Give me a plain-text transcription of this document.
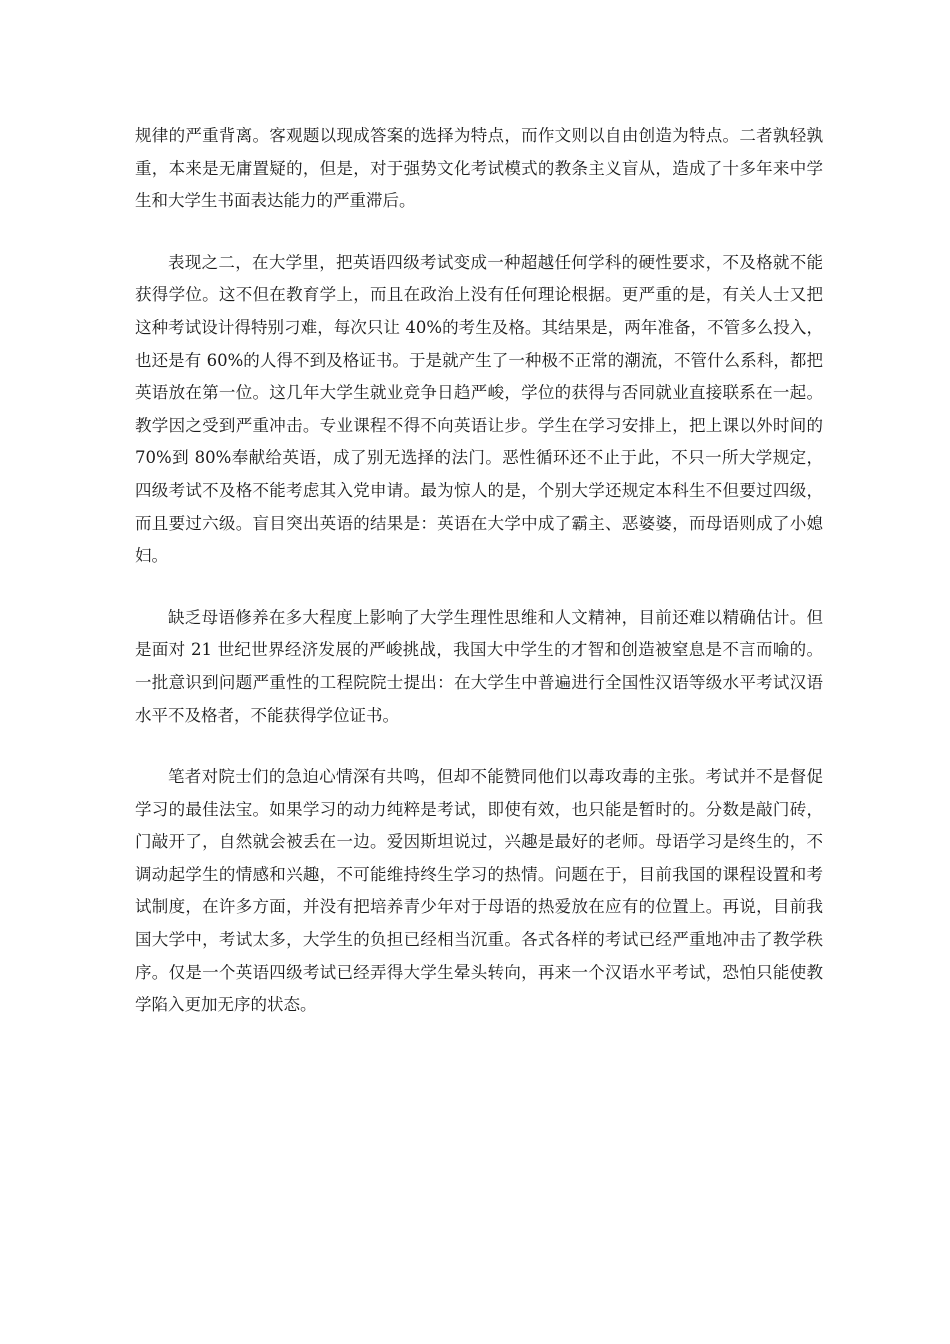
规律的严重背离。客观题以现成答案的选择为特点，而作文则以自由创造为特点。二者孰轻孰重，本来是无庸置疑的，但是，对于强势文化考试模式的教条主义盲从，造成了十多年来中学生和大学生书面表达能力的严重滞后。

表现之二，在大学里，把英语四级考试变成一种超越任何学科的硬性要求，不及格就不能获得学位。这不但在教育学上，而且在政治上没有任何理论根据。更严重的是，有关人士又把这种考试设计得特别刁难，每次只让 40%的考生及格。其结果是，两年准备，不管多么投入，也还是有 60%的人得不到及格证书。于是就产生了一种极不正常的潮流，不管什么系科，都把英语放在第一位。这几年大学生就业竞争日趋严峻，学位的获得与否同就业直接联系在一起。教学因之受到严重冲击。专业课程不得不向英语让步。学生在学习安排上，把上课以外时间的 70%到 80%奉献给英语，成了别无选择的法门。恶性循环还不止于此，不只一所大学规定，四级考试不及格不能考虑其入党申请。最为惊人的是，个别大学还规定本科生不但要过四级，而且要过六级。盲目突出英语的结果是：英语在大学中成了霸主、恶婆婆，而母语则成了小媳妇。

缺乏母语修养在多大程度上影响了大学生理性思维和人文精神，目前还难以精确估计。但是面对 21 世纪世界经济发展的严峻挑战，我国大中学生的才智和创造被窒息是不言而喻的。一批意识到问题严重性的工程院院士提出：在大学生中普遍进行全国性汉语等级水平考试汉语水平不及格者，不能获得学位证书。

笔者对院士们的急迫心情深有共鸣，但却不能赞同他们以毒攻毒的主张。考试并不是督促学习的最佳法宝。如果学习的动力纯粹是考试，即使有效，也只能是暂时的。分数是敲门砖，门敲开了，自然就会被丢在一边。爱因斯坦说过，兴趣是最好的老师。母语学习是终生的，不调动起学生的情感和兴趣，不可能维持终生学习的热情。问题在于，目前我国的课程设置和考试制度，在许多方面，并没有把培养青少年对于母语的热爱放在应有的位置上。再说，目前我国大学中，考试太多，大学生的负担已经相当沉重。各式各样的考试已经严重地冲击了教学秩序。仅是一个英语四级考试已经弄得大学生晕头转向，再来一个汉语水平考试，恐怕只能使教学陷入更加无序的状态。
